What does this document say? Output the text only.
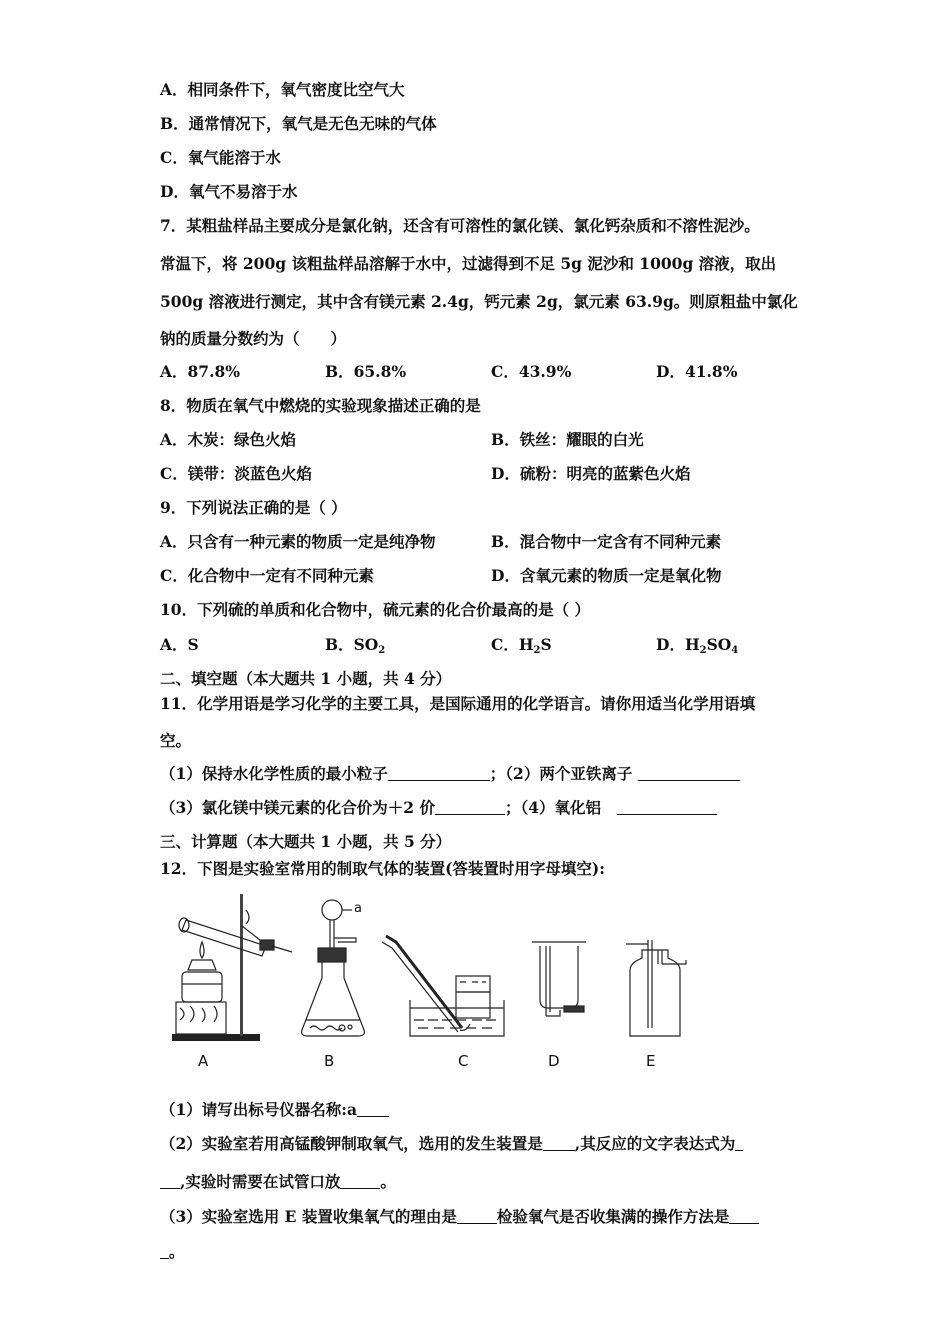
A．相同条件下，氧气密度比空气大
B．通常情况下，氧气是无色无味的气体
C．氧气能溶于水
D．氧气不易溶于水
7．某粗盐样品主要成分是氯化钠，还含有可溶性的氯化镁、氯化钙杂质和不溶性泥沙。
常温下，将 200g 该粗盐样品溶解于水中，过滤得到不足 5g 泥沙和 1000g 溶液，取出
500g 溶液进行测定，其中含有镁元素 2.4g，钙元素 2g，氯元素 63.9g。则原粗盐中氯化
钠的质量分数约为（　　）
A．87.8%	B．65.8%	C．43.9%	D．41.8%
8．物质在氧气中燃烧的实验现象描述正确的是
A．木炭：绿色火焰	B．铁丝：耀眼的白光
C．镁带：淡蓝色火焰	D．硫粉：明亮的蓝紫色火焰
9．下列说法正确的是（ ）
A．只含有一种元素的物质一定是纯净物	B．混合物中一定含有不同种元素
C．化合物中一定有不同种元素	D．含氧元素的物质一定是氧化物
10．下列硫的单质和化合物中，硫元素的化合价最高的是（ ）
A．S	B．$SO_2$	C．$H_2S$	D．$H_2SO_4$
二、填空题（本大题共 1 小题，共 4 分）
11．化学用语是学习化学的主要工具，是国际通用的化学语言。请你用适当化学用语填
空。
（1）保持水化学性质的最小粒子	；（2）两个亚铁离子
（3）氯化镁中镁元素的化合价为＋2 价	；（4）氧化铝
三、计算题（本大题共 1 小题，共 5 分）
12．下图是实验室常用的制取气体的装置(答装置时用字母填空):
A	B	C	D	E
a
（1）请写出标号仪器名称:a
（2）实验室若用高锰酸钾制取氧气，选用的发生装置是 ,其反应的文字表达式为
,实验时需要在试管口放	。
（3）实验室选用 E 装置收集氧气的理由是	检验氧气是否收集满的操作方法是
。
